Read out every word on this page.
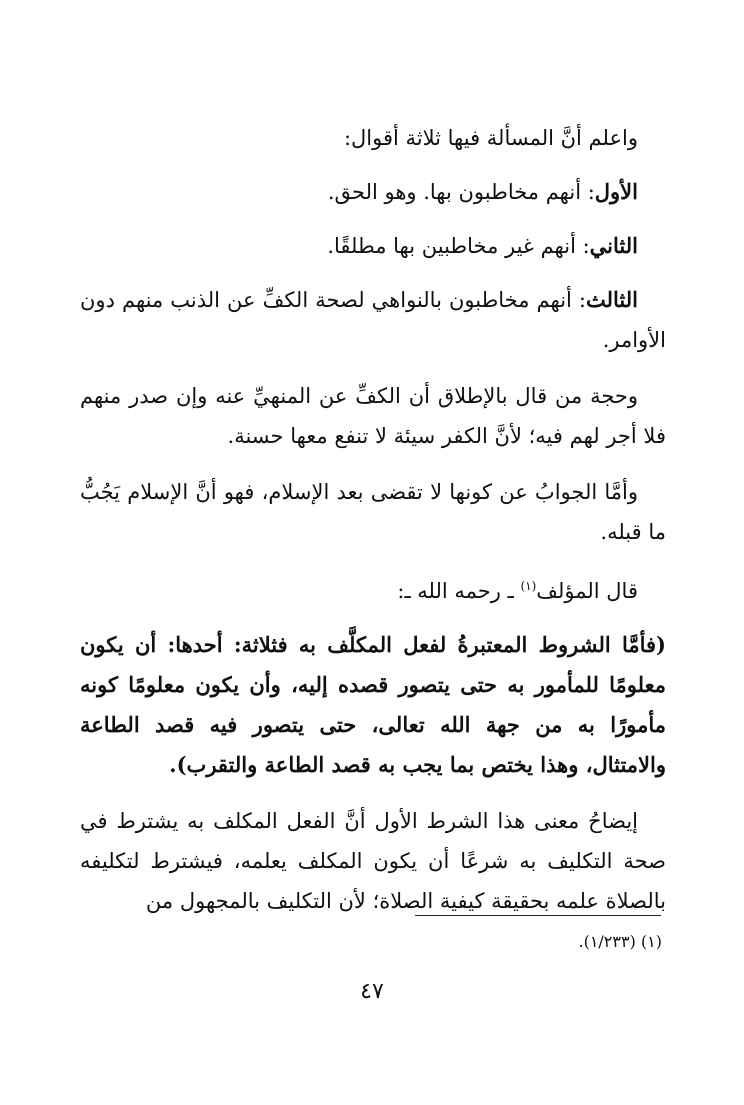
واعلم أنَّ المسألة فيها ثلاثة أقوال:

الأول: أنهم مخاطبون بها. وهو الحق.

الثاني: أنهم غير مخاطبين بها مطلقًا.

الثالث: أنهم مخاطبون بالنواهي لصحة الكفِّ عن الذنب منهم دون الأوامر.

وحجة من قال بالإطلاق أن الكفِّ عن المنهيِّ عنه وإن صدر منهم فلا أجر لهم فيه؛ لأنَّ الكفر سيئة لا تنفع معها حسنة.

وأمَّا الجوابُ عن كونها لا تقضى بعد الإسلام، فهو أنَّ الإسلام يَجُبُّ ما قبله.

قال المؤلف$^{(١)}$ ـ رحمه الله ـ:

(فأمَّا الشروط المعتبرةُ لفعل المكلَّف به فثلاثة: أحدها: أن يكون معلومًا للمأمور به حتى يتصور قصده إليه، وأن يكون معلومًا كونه مأمورًا به من جهة الله تعالى، حتى يتصور فيه قصد الطاعة والامتثال، وهذا يختص بما يجب به قصد الطاعة والتقرب).

إيضاحُ معنى هذا الشرط الأول أنَّ الفعل المكلف به يشترط في صحة التكليف به شرعًا أن يكون المكلف يعلمه، فيشترط لتكليفه بالصلاة علمه بحقيقة كيفية الصلاة؛ لأن التكليف بالمجهول من

(١) (١/٢٣٣).
٤٧
